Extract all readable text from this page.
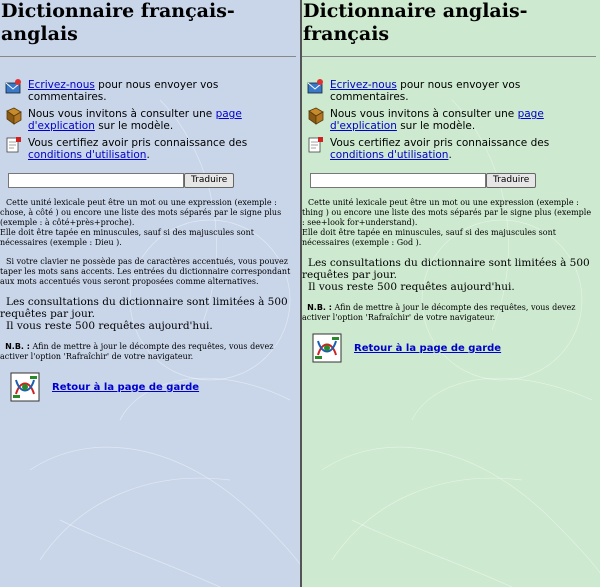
Dictionnaire français-anglais
Ecrivez-nous pour nous envoyer vos commentaires.
Nous vous invitons à consulter une page d'explication sur le modèle.
Vous certifiez avoir pris connaissance des conditions d'utilisation.
Traduire

Cette unité lexicale peut être un mot ou une expression (exemple : chose, à côté ) ou encore une liste des mots séparés par le signe plus (exemple : à côté+près+proche).
Elle doit être tapée en minuscules, sauf si des majuscules sont nécessaires (exemple : Dieu ).

Si votre clavier ne possède pas de caractères accentués, vous pouvez taper les mots sans accents. Les entrées du dictionnaire correspondant aux mots accentués vous seront proposées comme alternatives.

Les consultations du dictionnaire sont limitées à 500 requêtes par jour.
Il vous reste 500 requêtes aujourd'hui.
N.B. : Afin de mettre à jour le décompte des requêtes, vous devez activer l'option 'Rafraîchir' de votre navigateur.
Retour à la page de garde
Dictionnaire anglais-français
Ecrivez-nous pour nous envoyer vos commentaires.
Nous vous invitons à consulter une page d'explication sur le modèle.
Vous certifiez avoir pris connaissance des conditions d'utilisation.
Traduire

Cette unité lexicale peut être un mot ou une expression (exemple : thing ) ou encore une liste des mots séparés par le signe plus (exemple : see+look for+understand).
Elle doit être tapée en minuscules, sauf si des majuscules sont nécessaires (exemple : God ).

Les consultations du dictionnaire sont limitées à 500 requêtes par jour.
Il vous reste 500 requêtes aujourd'hui.
N.B. : Afin de mettre à jour le décompte des requêtes, vous devez activer l'option 'Rafraîchir' de votre navigateur.
Retour à la page de garde
